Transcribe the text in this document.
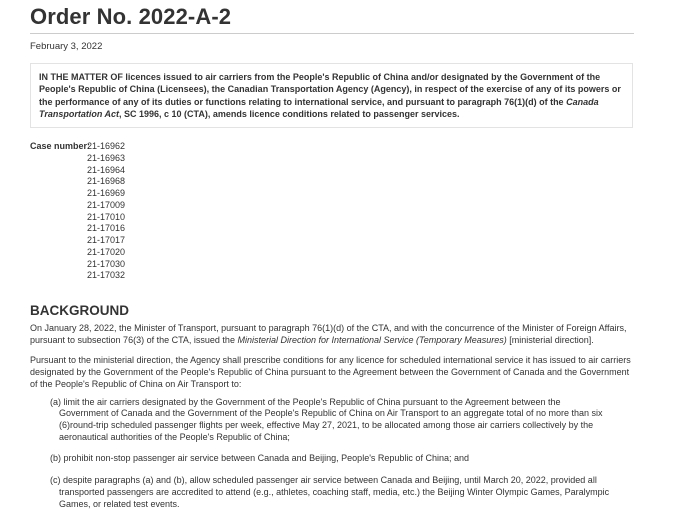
Order No. 2022-A-2
February 3, 2022
IN THE MATTER OF licences issued to air carriers from the People's Republic of China and/or designated by the Government of the People's Republic of China (Licensees), the Canadian Transportation Agency (Agency), in respect of the exercise of any of its powers or the performance of any of its duties or functions relating to international service, and pursuant to paragraph 76(1)(d) of the Canada Transportation Act, SC 1996, c 10 (CTA), amends licence conditions related to passenger services.
Case number:
21-16962
21-16963
21-16964
21-16968
21-16969
21-17009
21-17010
21-17016
21-17017
21-17020
21-17030
21-17032
BACKGROUND

On January 28, 2022, the Minister of Transport, pursuant to paragraph 76(1)(d) of the CTA, and with the concurrence of the Minister of Foreign Affairs, pursuant to subsection 76(3) of the CTA, issued the Ministerial Direction for International Service (Temporary Measures) [ministerial direction].

Pursuant to the ministerial direction, the Agency shall prescribe conditions for any licence for scheduled international service it has issued to air carriers designated by the Government of the People's Republic of China pursuant to the Agreement between the Government of Canada and the Government of the People's Republic of China on Air Transport to:

(a) limit the air carriers designated by the Government of the People's Republic of China pursuant to the Agreement between the Government of Canada and the Government of the People's Republic of China on Air Transport to an aggregate total of no more than six (6)round-trip scheduled passenger flights per week, effective May 27, 2021, to be allocated among those air carriers collectively by the aeronautical authorities of the People's Republic of China;
(b) prohibit non-stop passenger air service between Canada and Beijing, People's Republic of China; and
(c) despite paragraphs (a) and (b), allow scheduled passenger air service between Canada and Beijing, until March 20, 2022, provided all transported passengers are accredited to attend (e.g., athletes, coaching staff, media, etc.) the Beijing Winter Olympic Games, Paralympic Games, or related test events.
